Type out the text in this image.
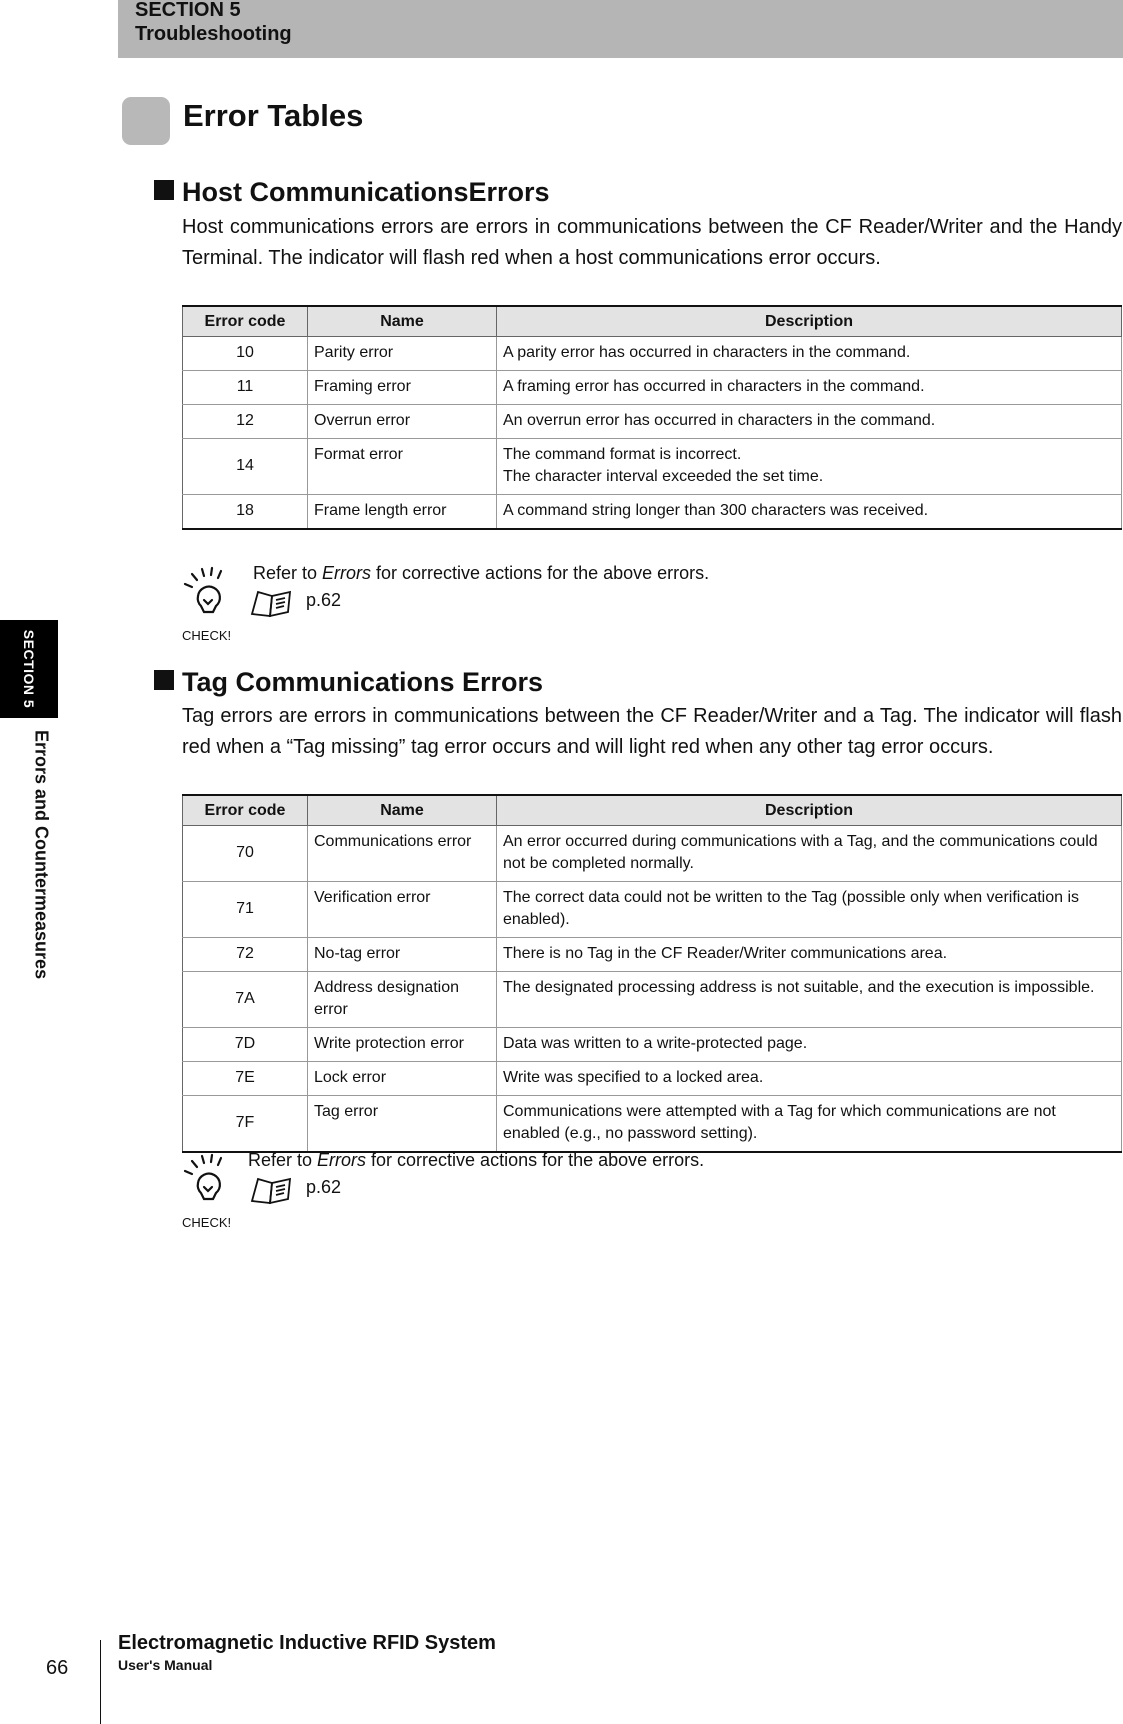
SECTION 5
Troubleshooting
SECTION 5
Errors and Countermeasures
Error Tables
Host CommunicationsErrors
Host communications errors are errors in communications between the CF Reader/Writer and the Handy Terminal. The indicator will flash red when a host communications error occurs.
Error code	Name	Description
10	Parity error	A parity error has occurred in characters in the command.

11	Framing error	A framing error has occurred in characters in the command.

12	Overrun error	An overrun error has occurred in characters in the command.

14	Format error	The command format is incorrect.
The character interval exceeded the set time.

18	Frame length error	A command string longer than 300 characters was received.
CHECK!
Refer to Errors for corrective actions for the above errors.
p.62
Tag Communications Errors
Tag errors are errors in communications between the CF Reader/Writer and a Tag. The indicator will flash red when a “Tag missing” tag error occurs and will light red when any other tag error occurs.
Error code	Name	Description
70	Communications error	An error occurred during communications with a Tag, and the communications could not be completed normally.

71	Verification error	The correct data could not be written to the Tag (possible only when verification is enabled).

72	No-tag error	There is no Tag in the CF Reader/Writer communications area.

7A	Address designation error	The designated processing address is not suitable, and the execution is impossible.

7D	Write protection error	Data was written to a write-protected page.

7E	Lock error	Write was specified to a locked area.

7F	Tag error	Communications were attempted with a Tag for which communications are not enabled (e.g., no password setting).
CHECK!
Refer to Errors for corrective actions for the above errors.
p.62
66
Electromagnetic Inductive RFID System
User's Manual
